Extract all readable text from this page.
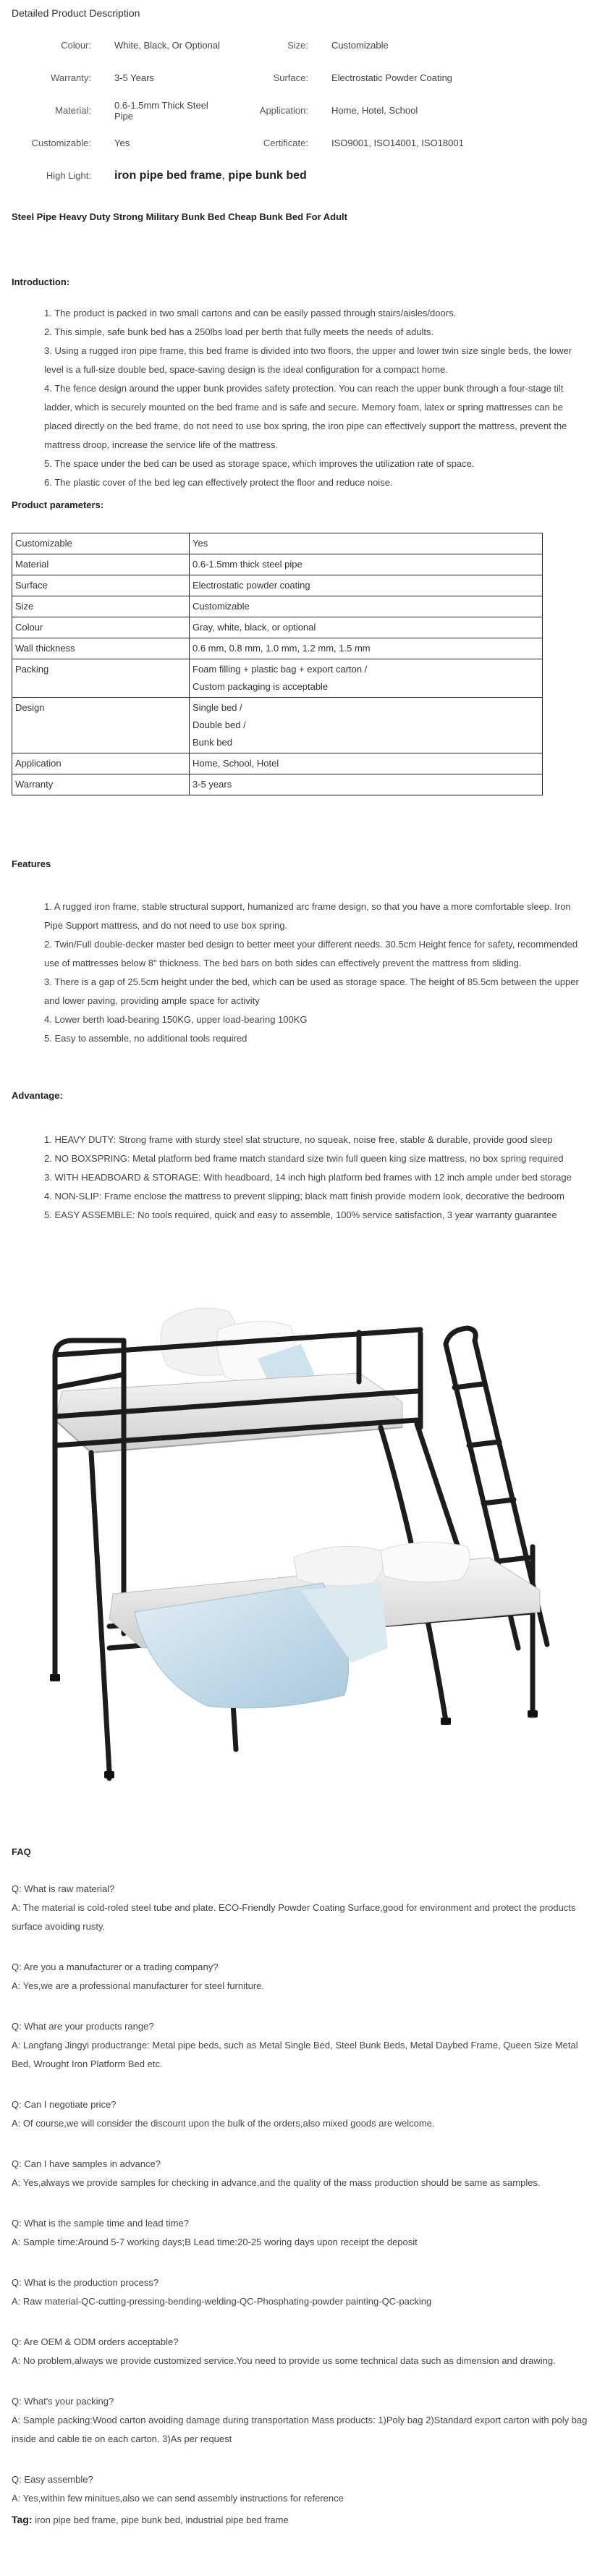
Detailed Product Description
Colour:	White, Black, Or Optional	Size:	Customizable
Warranty:	3-5 Years	Surface:	Electrostatic Powder Coating
Material:	0.6-1.5mm Thick Steel Pipe	Application:	Home, Hotel, School
Customizable:	Yes	Certificate:	ISO9001, ISO14001, ISO18001
High Light:	iron pipe bed frame, pipe bunk bed
Steel Pipe Heavy Duty Strong Military Bunk Bed Cheap Bunk Bed For Adult
Introduction:
1. The product is packed in two small cartons and can be easily passed through stairs/aisles/doors.
2. This simple, safe bunk bed has a 250lbs load per berth that fully meets the needs of adults.
3. Using a rugged iron pipe frame, this bed frame is divided into two floors, the upper and lower twin size single beds, the lower level is a full-size double bed, space-saving design is the ideal configuration for a compact home.
4. The fence design around the upper bunk provides safety protection. You can reach the upper bunk through a four-stage tilt ladder, which is securely mounted on the bed frame and is safe and secure. Memory foam, latex or spring mattresses can be placed directly on the bed frame, do not need to use box spring, the iron pipe can effectively support the mattress, prevent the mattress droop, increase the service life of the mattress.
5. The space under the bed can be used as storage space, which improves the utilization rate of space.
6. The plastic cover of the bed leg can effectively protect the floor and reduce noise.
Product parameters:
Customizable	Yes

Material	0.6-1.5mm thick steel pipe

Surface	Electrostatic powder coating

Size	Customizable

Colour	Gray, white, black, or optional

Wall thickness	0.6 mm, 0.8 mm, 1.0 mm, 1.2 mm, 1.5 mm

Packing	Foam filling + plastic bag + export carton /
Custom packaging is acceptable

Design	Single bed /
Double bed /
Bunk bed

Application	Home, School, Hotel

Warranty	3-5 years
Features
1. A rugged iron frame, stable structural support, humanized arc frame design, so that you have a more comfortable sleep. Iron Pipe Support mattress, and do not need to use box spring.
2. Twin/Full double-decker master bed design to better meet your different needs. 30.5cm Height fence for safety, recommended use of mattresses below 8" thickness. The bed bars on both sides can effectively prevent the mattress from sliding.
3. There is a gap of 25.5cm height under the bed, which can be used as storage space. The height of 85.5cm between the upper and lower paving, providing ample space for activity
4. Lower berth load-bearing 150KG, upper load-bearing 100KG
5. Easy to assemble, no additional tools required
Advantage:
1. HEAVY DUTY: Strong frame with sturdy steel slat structure, no squeak, noise free, stable & durable, provide good sleep
2. NO BOXSPRING: Metal platform bed frame match standard size twin full queen king size mattress, no box spring required
3. WITH HEADBOARD & STORAGE: With headboard, 14 inch high platform bed frames with 12 inch ample under bed storage
4. NON-SLIP: Frame enclose the mattress to prevent slipping; black matt finish provide modern look, decorative the bedroom
5. EASY ASSEMBLE: No tools required, quick and easy to assemble, 100% service satisfaction, 3 year warranty guarantee
FAQ
Q: What is raw material?
A: The material is cold-roled steel tube and plate. ECO-Friendly Powder Coating Surface,good for environment and protect the products surface avoiding rusty.
Q: Are you a manufacturer or a trading company?
A: Yes,we are a professional manufacturer for steel furniture.
Q: What are your products range?
A: Langfang Jingyi productrange: Metal pipe beds, such as Metal Single Bed, Steel Bunk Beds, Metal Daybed Frame, Queen Size Metal Bed, Wrought Iron Platform Bed etc.
Q: Can I negotiate price?
A: Of course,we will consider the discount upon the bulk of the orders,also mixed goods are welcome.
Q: Can I have samples in advance?
A: Yes,always we provide samples for checking in advance,and the quality of the mass production should be same as samples.
Q: What is the sample time and lead time?
A: Sample time:Around 5-7 working days;B Lead time:20-25 woring days upon receipt the deposit
Q: What is the production process?
A: Raw material-QC-cutting-pressing-bending-welding-QC-Phosphating-powder painting-QC-packing
Q: Are OEM & ODM orders acceptable?
A: No problem,always we provide customized service.You need to provide us some technical data such as dimension and drawing.
Q: What's your packing?
A: Sample packing:Wood carton avoiding damage during transportation Mass products: 1)Poly bag 2)Standard export carton with poly bag inside and cable tie on each carton. 3)As per request
Q: Easy assemble?
A: Yes,within few minitues,also we can send assembly instructions for reference
Tag: iron pipe bed frame, pipe bunk bed, industrial pipe bed frame
